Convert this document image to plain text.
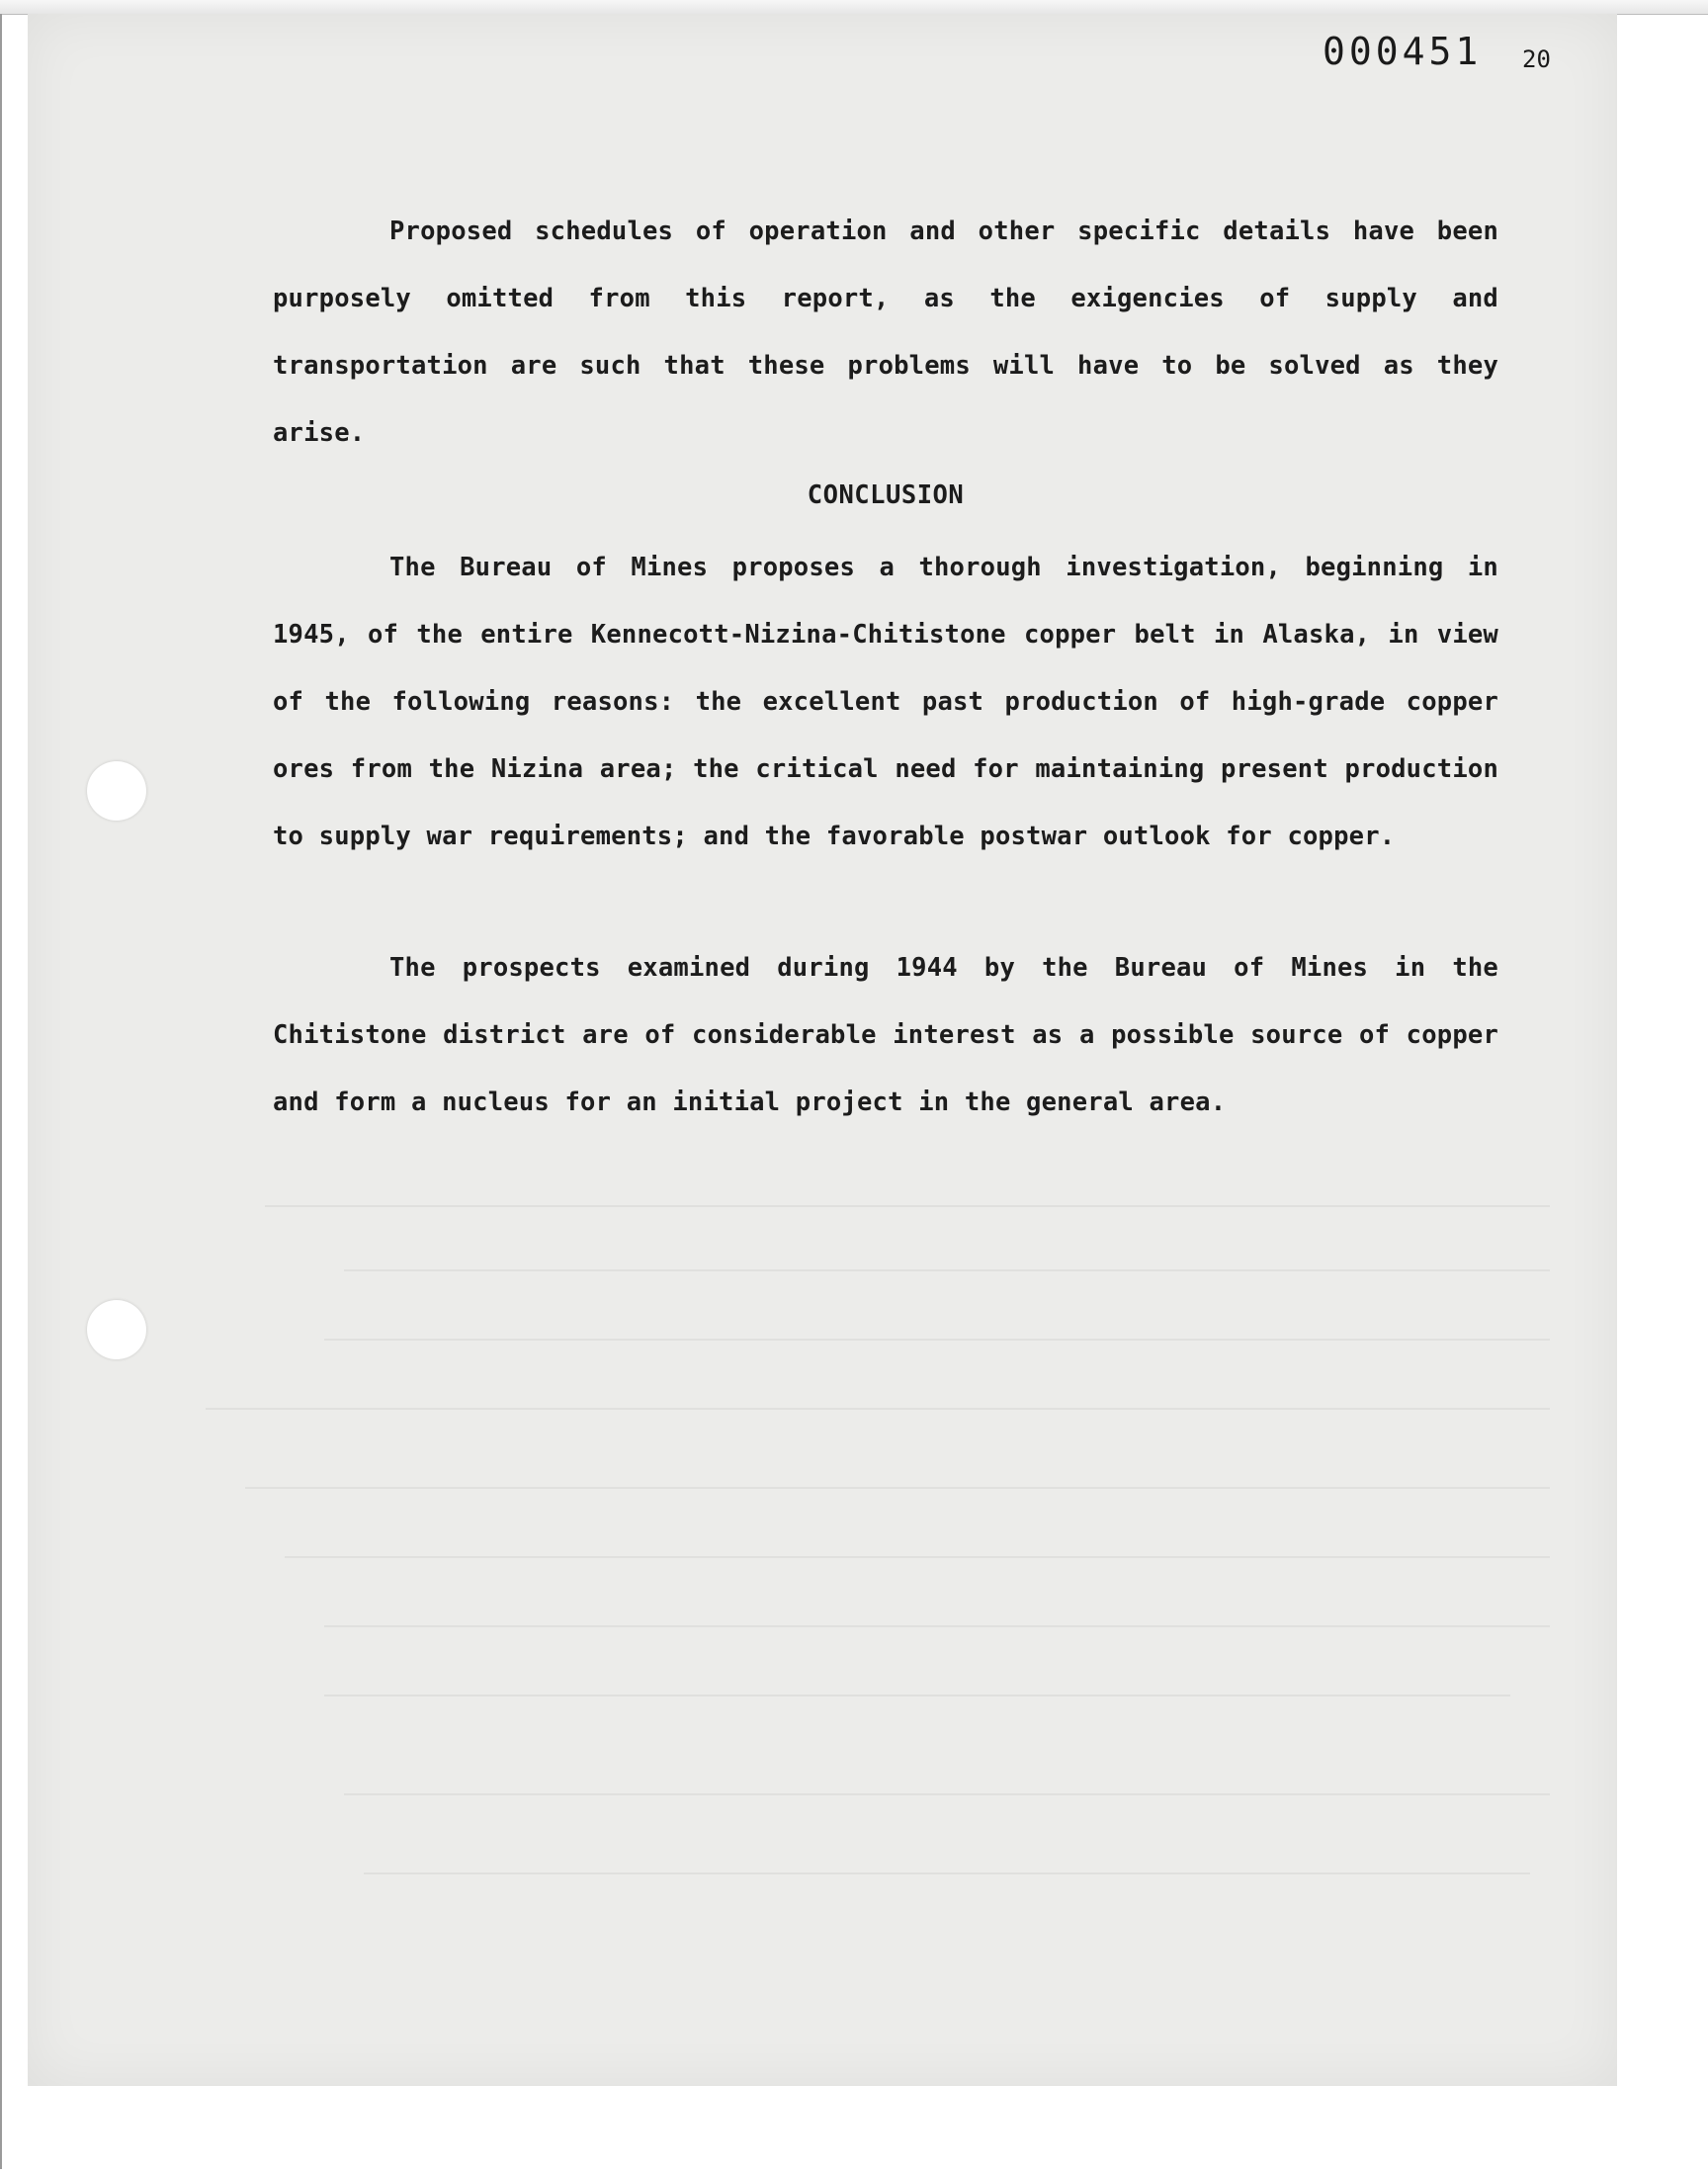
000451 20
Proposed schedules of operation and other specific details have been purposely omitted from this report, as the exigencies of supply and transportation are such that these problems will have to be solved as they arise.
CONCLUSION
The Bureau of Mines proposes a thorough investigation, beginning in 1945, of the entire Kennecott-Nizina-Chitistone copper belt in Alaska, in view of the following reasons: the excellent past production of high-grade copper ores from the Nizina area; the critical need for maintaining present production to supply war requirements; and the favorable postwar outlook for copper.
The prospects examined during 1944 by the Bureau of Mines in the Chitistone district are of considerable interest as a possible source of copper and form a nucleus for an initial project in the general area.
